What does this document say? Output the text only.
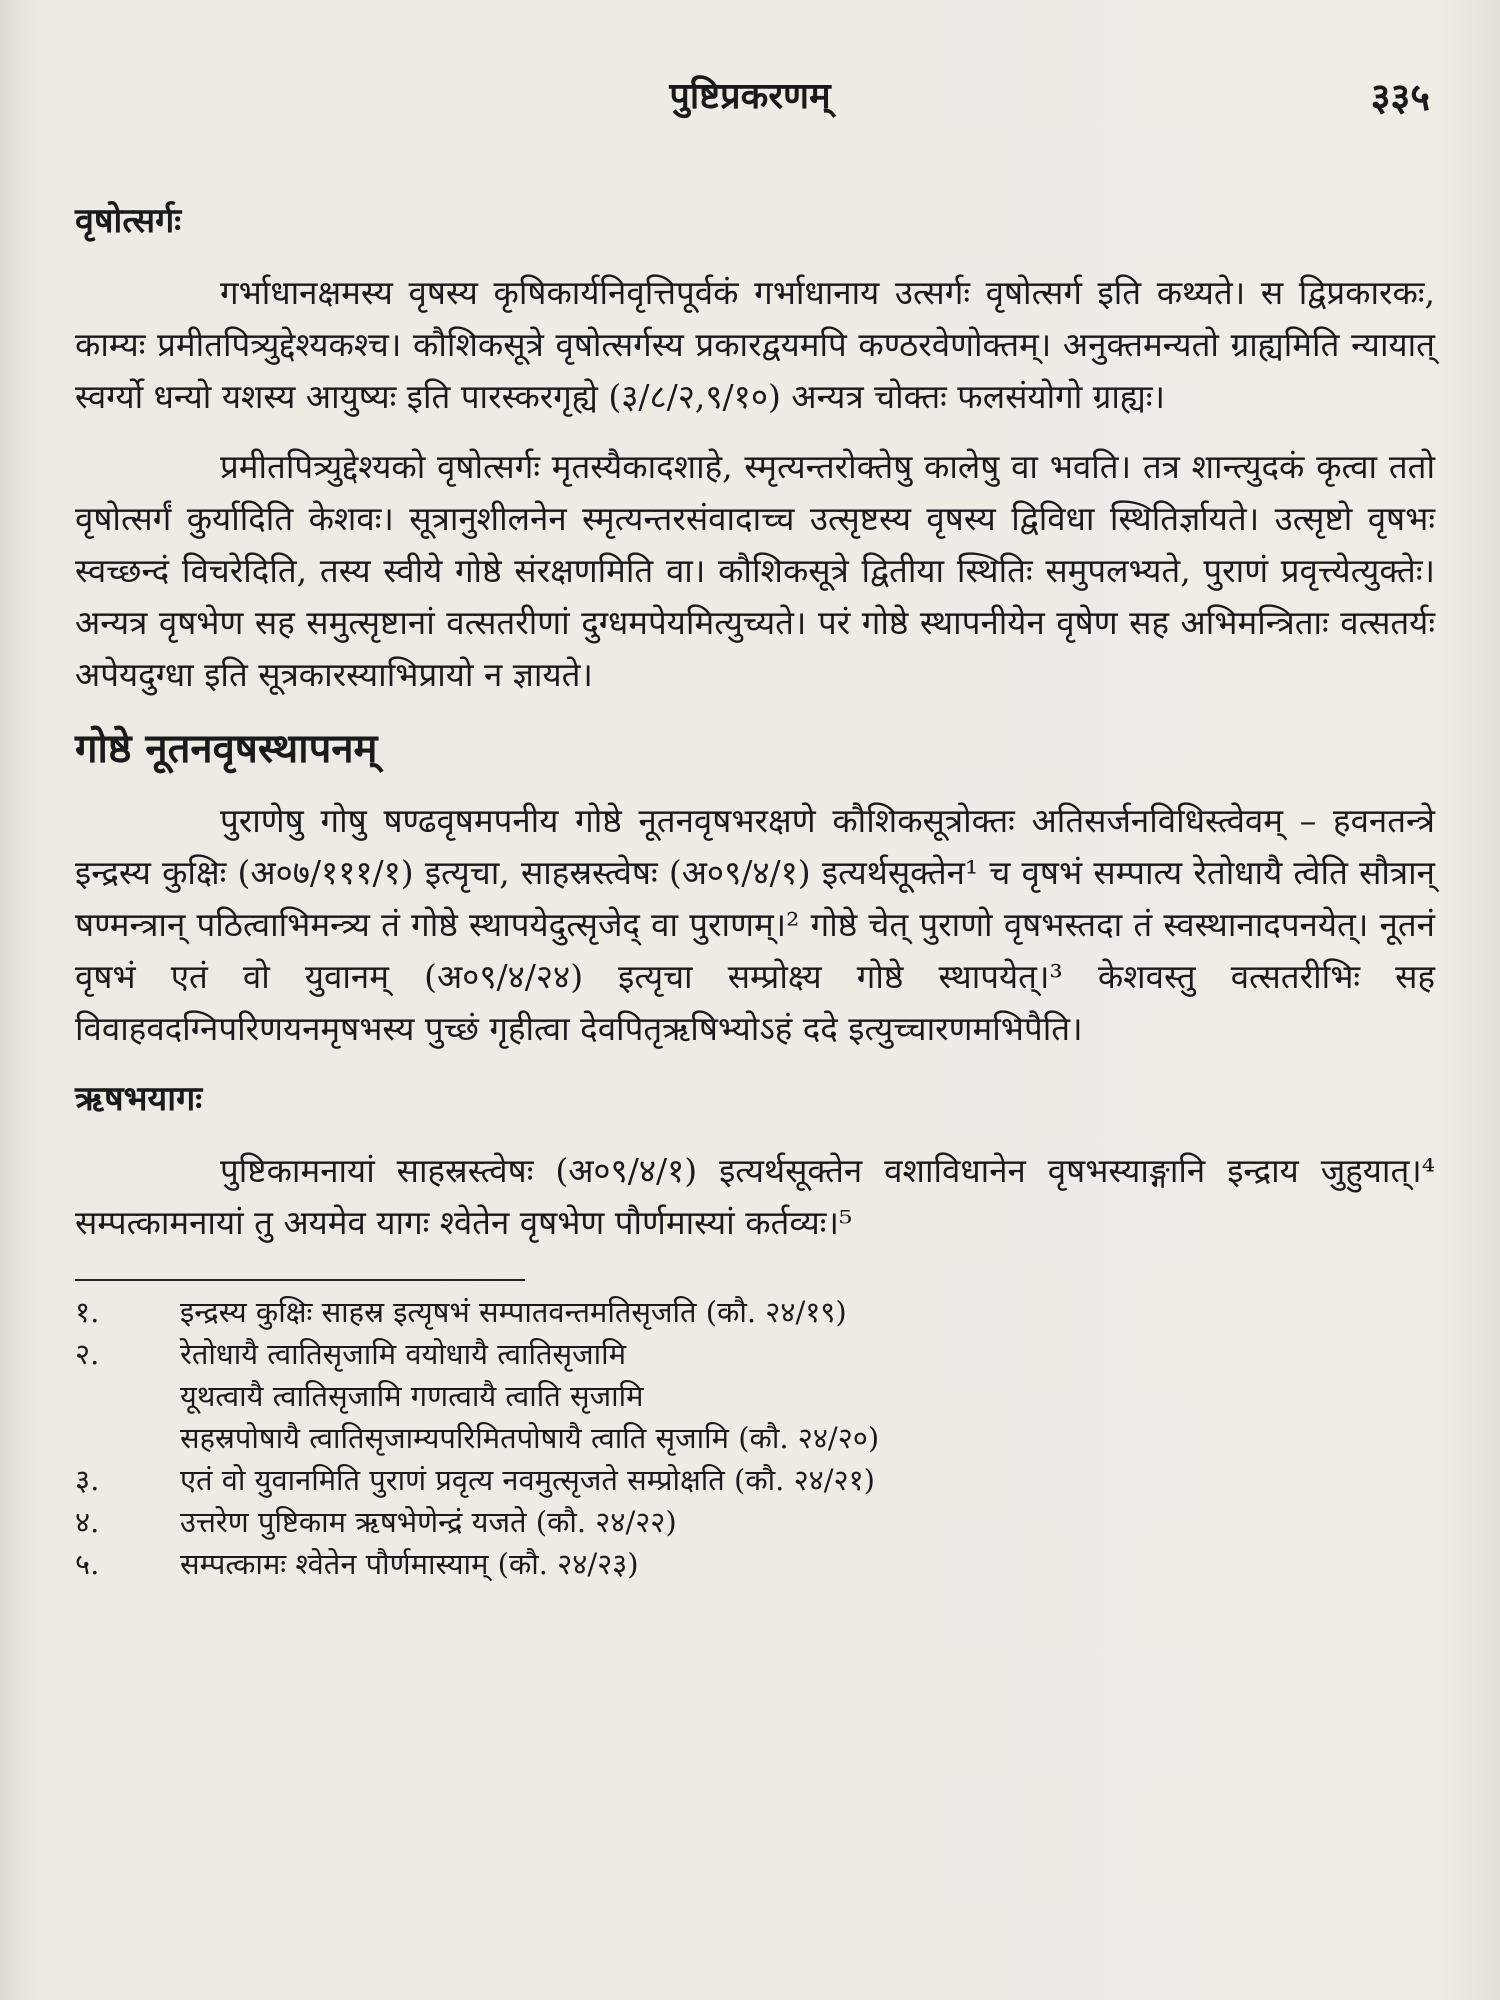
पुष्टिप्रकरणम्	३३५
वृषोत्सर्गः

गर्भाधानक्षमस्य वृषस्य कृषिकार्यनिवृत्तिपूर्वकं गर्भाधानाय उत्सर्गः वृषोत्सर्ग इति कथ्यते। स द्विप्रकारकः, काम्यः प्रमीतपित्र्युद्देश्यकश्च। कौशिकसूत्रे वृषोत्सर्गस्य प्रकारद्वयमपि कण्ठरवेणोक्तम्। अनुक्तमन्यतो ग्राह्यमिति न्यायात् स्वर्ग्यो धन्यो यशस्य आयुष्यः इति पारस्करगृह्ये (३/८/२,९/१०) अन्यत्र चोक्तः फलसंयोगो ग्राह्यः।

प्रमीतपित्र्युद्देश्यको वृषोत्सर्गः मृतस्यैकादशाहे, स्मृत्यन्तरोक्तेषु कालेषु वा भवति। तत्र शान्त्युदकं कृत्वा ततो वृषोत्सर्गं कुर्यादिति केशवः। सूत्रानुशीलनेन स्मृत्यन्तरसंवादाच्च उत्सृष्टस्य वृषस्य द्विविधा स्थितिर्ज्ञायते। उत्सृष्टो वृषभः स्वच्छन्दं विचरेदिति, तस्य स्वीये गोष्ठे संरक्षणमिति वा। कौशिकसूत्रे द्वितीया स्थितिः समुपलभ्यते, पुराणं प्रवृत्त्येत्युक्तेः। अन्यत्र वृषभेण सह समुत्सृष्टानां वत्सतरीणां दुग्धमपेयमित्युच्यते। परं गोष्ठे स्थापनीयेन वृषेण सह अभिमन्त्रिताः वत्सतर्यः अपेयदुग्धा इति सूत्रकारस्याभिप्रायो न ज्ञायते।

गोष्ठे नूतनवृषस्थापनम्

पुराणेषु गोषु षण्ढवृषमपनीय गोष्ठे नूतनवृषभरक्षणे कौशिकसूत्रोक्तः अतिसर्जनविधिस्त्वेवम् – हवनतन्त्रे इन्द्रस्य कुक्षिः (अ०७/१११/१) इत्यृचा, साहस्रस्त्वेषः (अ०९/४/१) इत्यर्थसूक्तेन¹ च वृषभं सम्पात्य रेतोधायै त्वेति सौत्रान् षण्मन्त्रान् पठित्वाभिमन्त्र्य तं गोष्ठे स्थापयेदुत्सृजेद् वा पुराणम्।² गोष्ठे चेत् पुराणो वृषभस्तदा तं स्वस्थानादपनयेत्। नूतनं वृषभं एतं वो युवानम् (अ०९/४/२४) इत्यृचा सम्प्रोक्ष्य गोष्ठे स्थापयेत्।³ केशवस्तु वत्सतरीभिः सह विवाहवदग्निपरिणयनमृषभस्य पुच्छं गृहीत्वा देवपितृऋषिभ्योऽहं ददे इत्युच्चारणमभिपैति।

ऋषभयागः

पुष्टिकामनायां साहस्रस्त्वेषः (अ०९/४/१) इत्यर्थसूक्तेन वशाविधानेन वृषभस्याङ्गानि इन्द्राय जुहुयात्।⁴ सम्पत्कामनायां तु अयमेव यागः श्वेतेन वृषभेण पौर्णमास्यां कर्तव्यः।⁵

१.	इन्द्रस्य कुक्षिः साहस्र इत्यृषभं सम्पातवन्तमतिसृजति (कौ. २४/१९)
२.	रेतोधायै त्वातिसृजामि वयोधायै त्वातिसृजामि
यूथत्वायै त्वातिसृजामि गणत्वायै त्वाति सृजामि
सहस्रपोषायै त्वातिसृजाम्यपरिमितपोषायै त्वाति सृजामि (कौ. २४/२०)
३.	एतं वो युवानमिति पुराणं प्रवृत्य नवमुत्सृजते सम्प्रोक्षति (कौ. २४/२१)
४.	उत्तरेण पुष्टिकाम ऋषभेणेन्द्रं यजते (कौ. २४/२२)
५.	सम्पत्कामः श्वेतेन पौर्णमास्याम् (कौ. २४/२३)
